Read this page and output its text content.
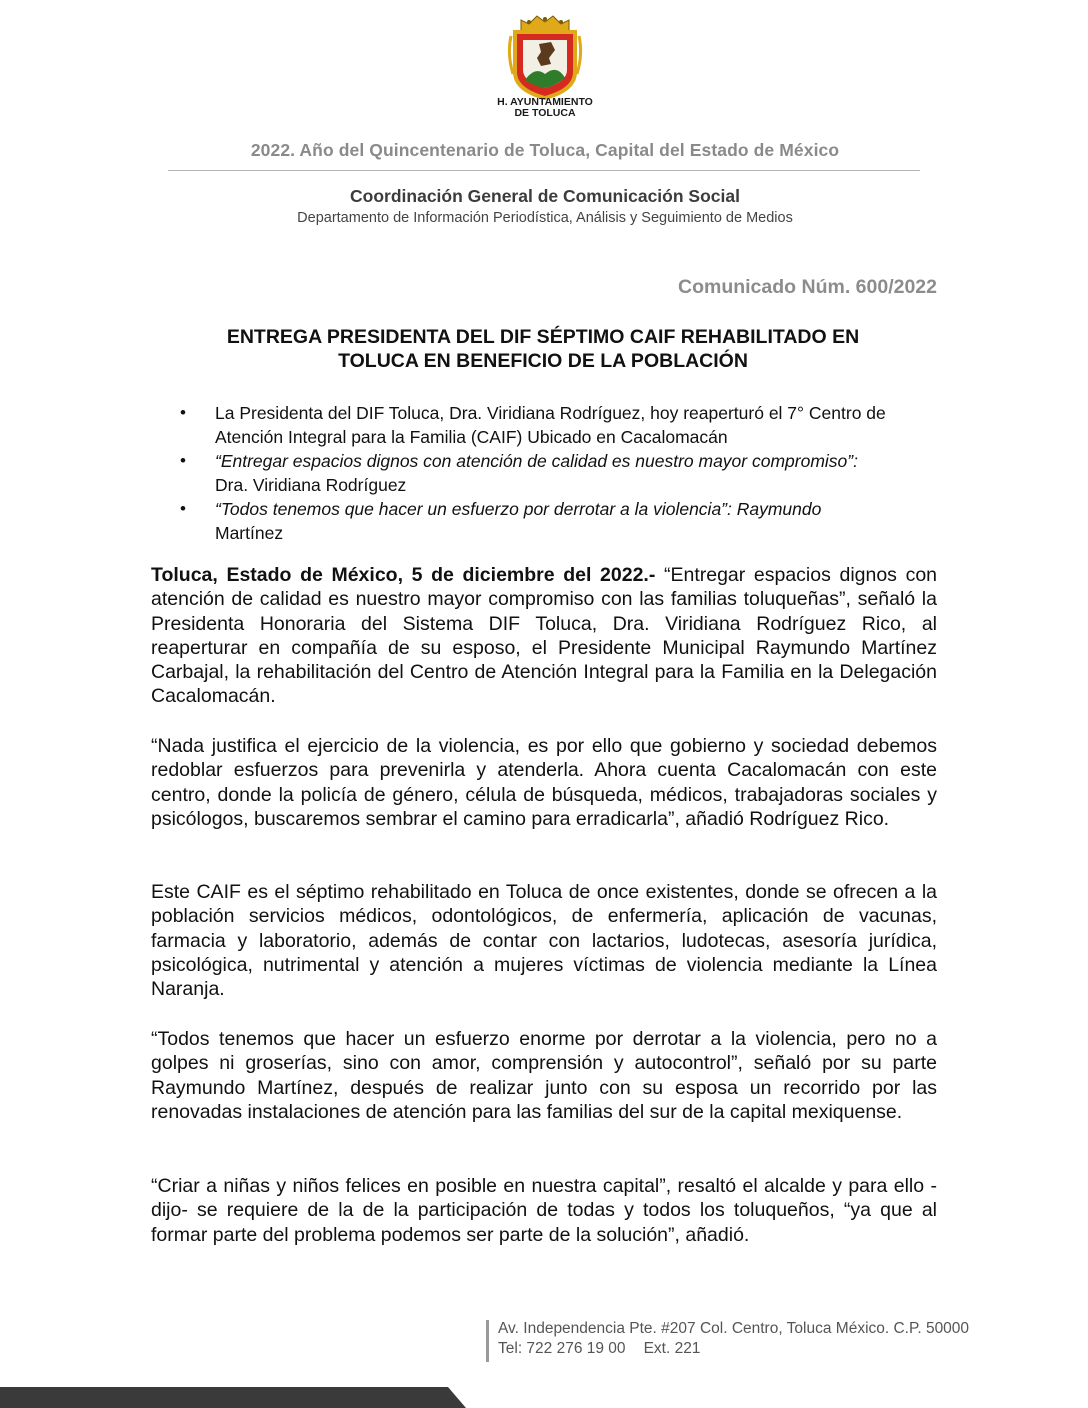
H. AYUNTAMIENTO
DE TOLUCA
2022. Año del Quincentenario de Toluca, Capital del Estado de México
Coordinación General de Comunicación Social
Departamento de Información Periodística, Análisis y Seguimiento de Medios
Comunicado Núm. 600/2022
ENTREGA PRESIDENTA DEL DIF SÉPTIMO CAIF REHABILITADO EN
TOLUCA EN BENEFICIO DE LA POBLACIÓN
• La Presidenta del DIF Toluca, Dra. Viridiana Rodríguez, hoy reaperturó el 7° Centro de Atención Integral para la Familia (CAIF) Ubicado en Cacalomacán
• “Entregar espacios dignos con atención de calidad es nuestro mayor compromiso”:
Dra. Viridiana Rodríguez
• “Todos tenemos que hacer un esfuerzo por derrotar a la violencia”: Raymundo
Martínez
Toluca, Estado de México, 5 de diciembre del 2022.- “Entregar espacios dignos con atención de calidad es nuestro mayor compromiso con las familias toluqueñas”, señaló la Presidenta Honoraria del Sistema DIF Toluca, Dra. Viridiana Rodríguez Rico, al reaperturar en compañía de su esposo, el Presidente Municipal Raymundo Martínez Carbajal, la rehabilitación del Centro de Atención Integral para la Familia en la Delegación Cacalomacán.
“Nada justifica el ejercicio de la violencia, es por ello que gobierno y sociedad debemos redoblar esfuerzos para prevenirla y atenderla. Ahora cuenta Cacalomacán con este centro, donde la policía de género, célula de búsqueda, médicos, trabajadoras sociales y psicólogos, buscaremos sembrar el camino para erradicarla”, añadió Rodríguez Rico.
Este CAIF es el séptimo rehabilitado en Toluca de once existentes, donde se ofrecen a la población servicios médicos, odontológicos, de enfermería, aplicación de vacunas, farmacia y laboratorio, además de contar con lactarios, ludotecas, asesoría jurídica, psicológica, nutrimental y atención a mujeres víctimas de violencia mediante la Línea Naranja.
“Todos tenemos que hacer un esfuerzo enorme por derrotar a la violencia, pero no a golpes ni groserías, sino con amor, comprensión y autocontrol”, señaló por su parte Raymundo Martínez, después de realizar junto con su esposa un recorrido por las renovadas instalaciones de atención para las familias del sur de la capital mexiquense.
“Criar a niñas y niños felices en posible en nuestra capital”, resaltó el alcalde y para ello -dijo- se requiere de la de la participación de todas y todos los toluqueños, “ya que al formar parte del problema podemos ser parte de la solución”, añadió.
Av. Independencia Pte. #207 Col. Centro, Toluca México. C.P. 50000
Tel: 722 276 19 00 Ext. 221
